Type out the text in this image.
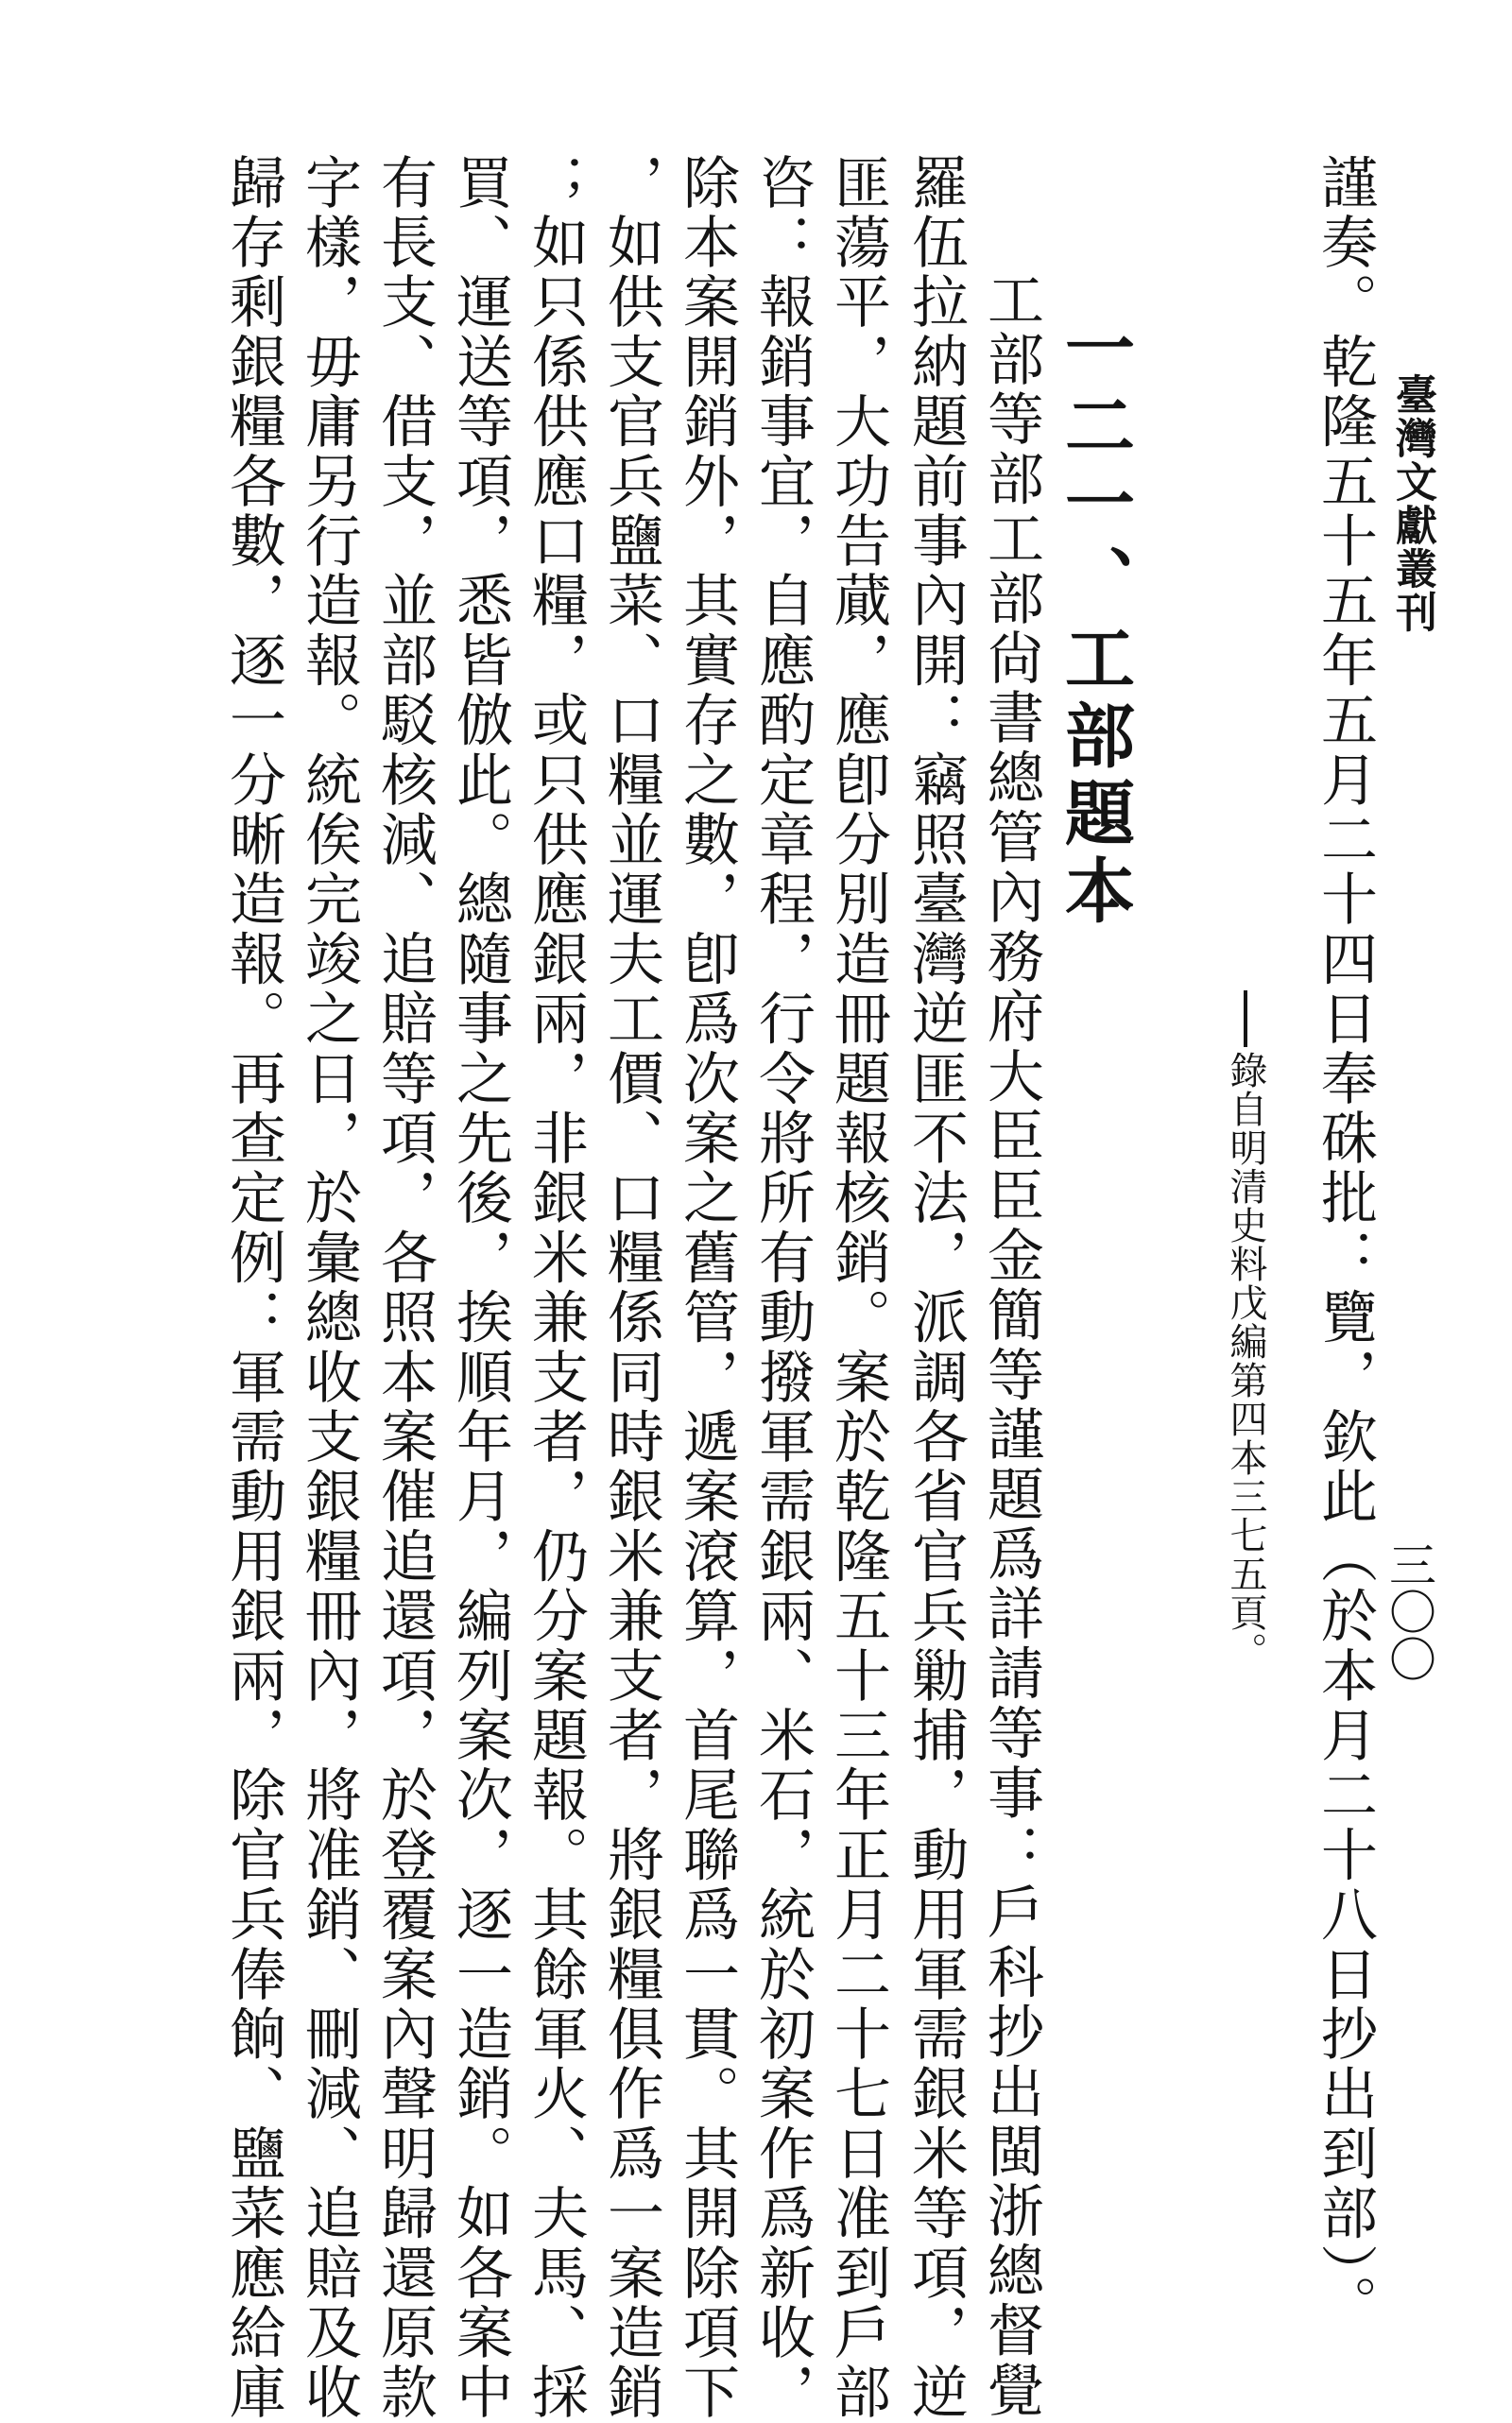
臺灣文獻叢刊
三〇〇
謹奏。乾隆五十五年五月二十四日奉硃批：覽，欽此（於本月二十八日抄出到部）。
錄自明清史料戊編第四本三七五頁。
一二一、工部題本
工部等部工部尙書總管內務府大臣臣金簡等謹題爲詳請等事：戶科抄出閩浙總督覺
羅伍拉納題前事內開：竊照臺灣逆匪不法，派調各省官兵勦捕，動用軍需銀米等項，逆
匪蕩平，大功告蕆，應卽分別造冊題報核銷。案於乾隆五十三年正月二十七日准到戶部
咨：報銷事宜，自應酌定章程，行令將所有動撥軍需銀兩、米石，統於初案作爲新收，
除本案開銷外，其實存之數，卽爲次案之舊管，遞案滾算，首尾聯爲一貫。其開除項下
，如供支官兵鹽菜、口糧並運夫工價、口糧係同時銀米兼支者，將銀糧俱作爲一案造銷
；如只係供應口糧，或只供應銀兩，非銀米兼支者，仍分案題報。其餘軍火、夫馬、採
買、運送等項，悉皆倣此。總隨事之先後，挨順年月，編列案次，逐一造銷。如各案中
有長支、借支，並部駁核減、追賠等項，各照本案催追還項，於登覆案內聲明歸還原款
字樣，毋庸另行造報。統俟完竣之日，於彙總收支銀糧冊內，將准銷、刪減、追賠及收
歸存剩銀糧各數，逐一分晰造報。再查定例：軍需動用銀兩，除官兵俸餉、鹽菜應給庫
